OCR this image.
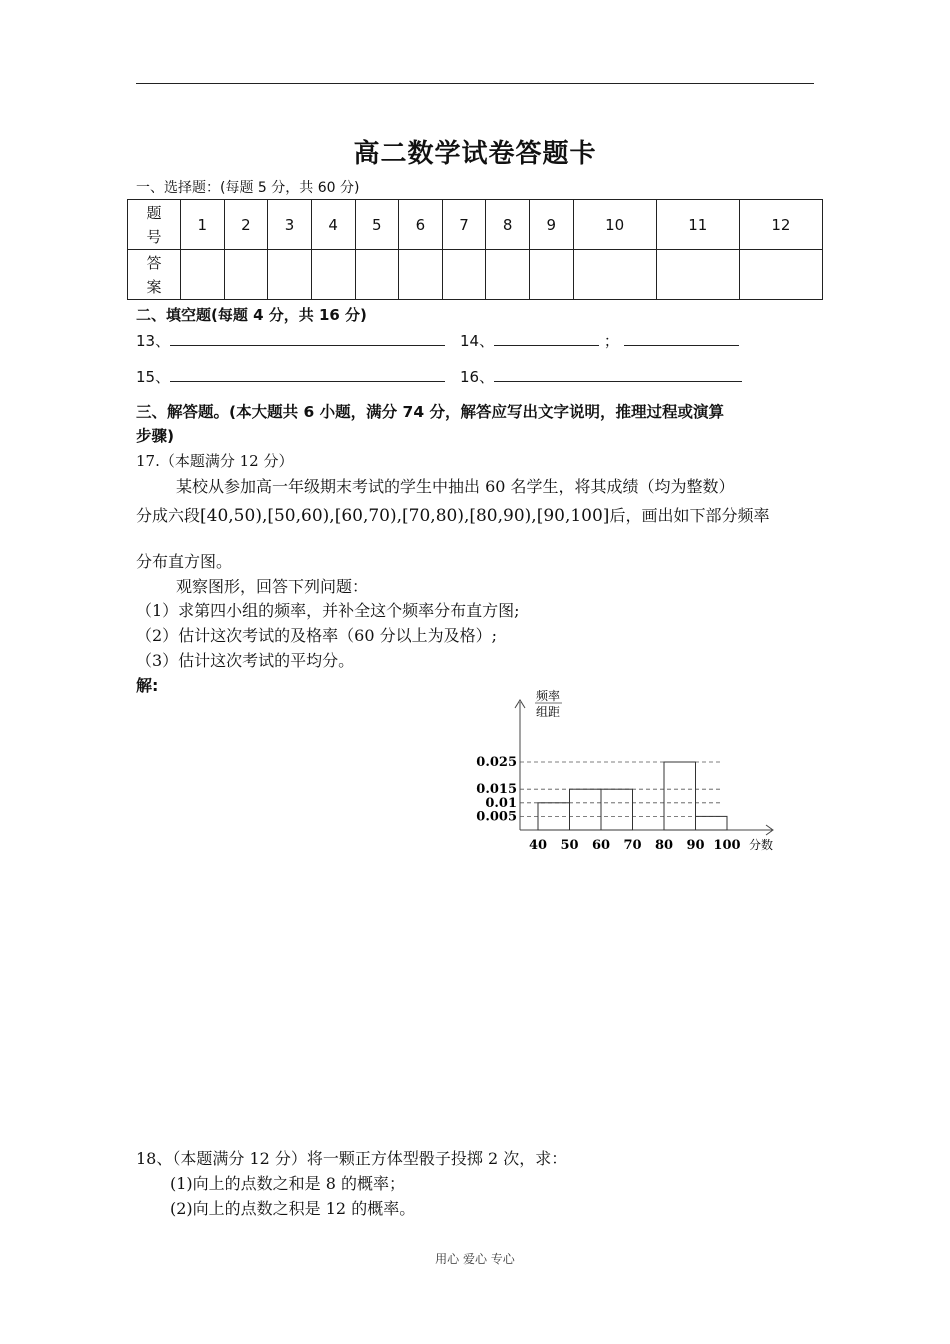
高二数学试卷答题卡
一、选择题：(每题 5 分，共 60 分)
题号	1	2	3	4	5	6	7	8	9	10	11	12
答案												
二、填空题(每题 4 分，共 16 分)
13、	14、	；
15、	16、
三、解答题。(本大题共 6 小题，满分 74 分，解答应写出文字说明，推理过程或演算
步骤)
17.（本题满分 12 分）
某校从参加高一年级期末考试的学生中抽出 60 名学生，将其成绩（均为整数）
分成六段[40,50),[50,60),[60,70),[70,80),[80,90),[90,100]后，画出如下部分频率
分布直方图。
观察图形，回答下列问题：
（1）求第四小组的频率，并补全这个频率分布直方图;
（2）估计这次考试的及格率（60 分以上为及格）;
（3）估计这次考试的平均分。
解:
频率
组距
0.025
0.015
0.01
0.005
40 50 60 70 80 90 100 分数
18、（本题满分 12 分）将一颗正方体型骰子投掷 2 次，求：
(1)向上的点数之和是 8 的概率；
(2)向上的点数之积是 12 的概率。
用心 爱心 专心
